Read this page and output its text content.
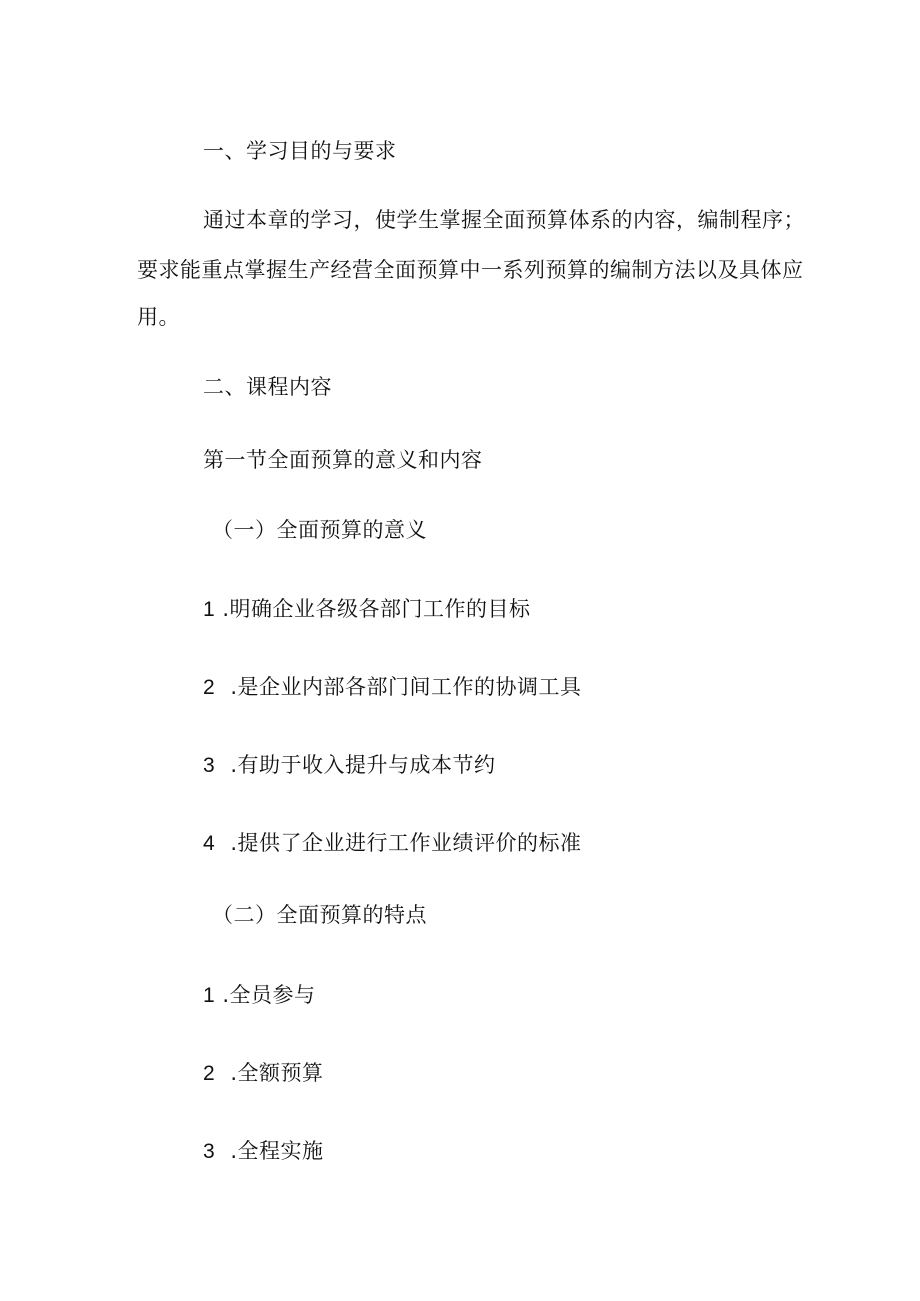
一、学习目的与要求
通过本章的学习，使学生掌握全面预算体系的内容，编制程序；
要求能重点掌握生产经营全面预算中一系列预算的编制方法以及具体应
用。
二、课程内容
第一节全面预算的意义和内容
（一）全面预算的意义
1 .明确企业各级各部门工作的目标
2 .是企业内部各部门间工作的协调工具
3 .有助于收入提升与成本节约
4 .提供了企业进行工作业绩评价的标准
（二）全面预算的特点
1 .全员参与
2 .全额预算
3 .全程实施
